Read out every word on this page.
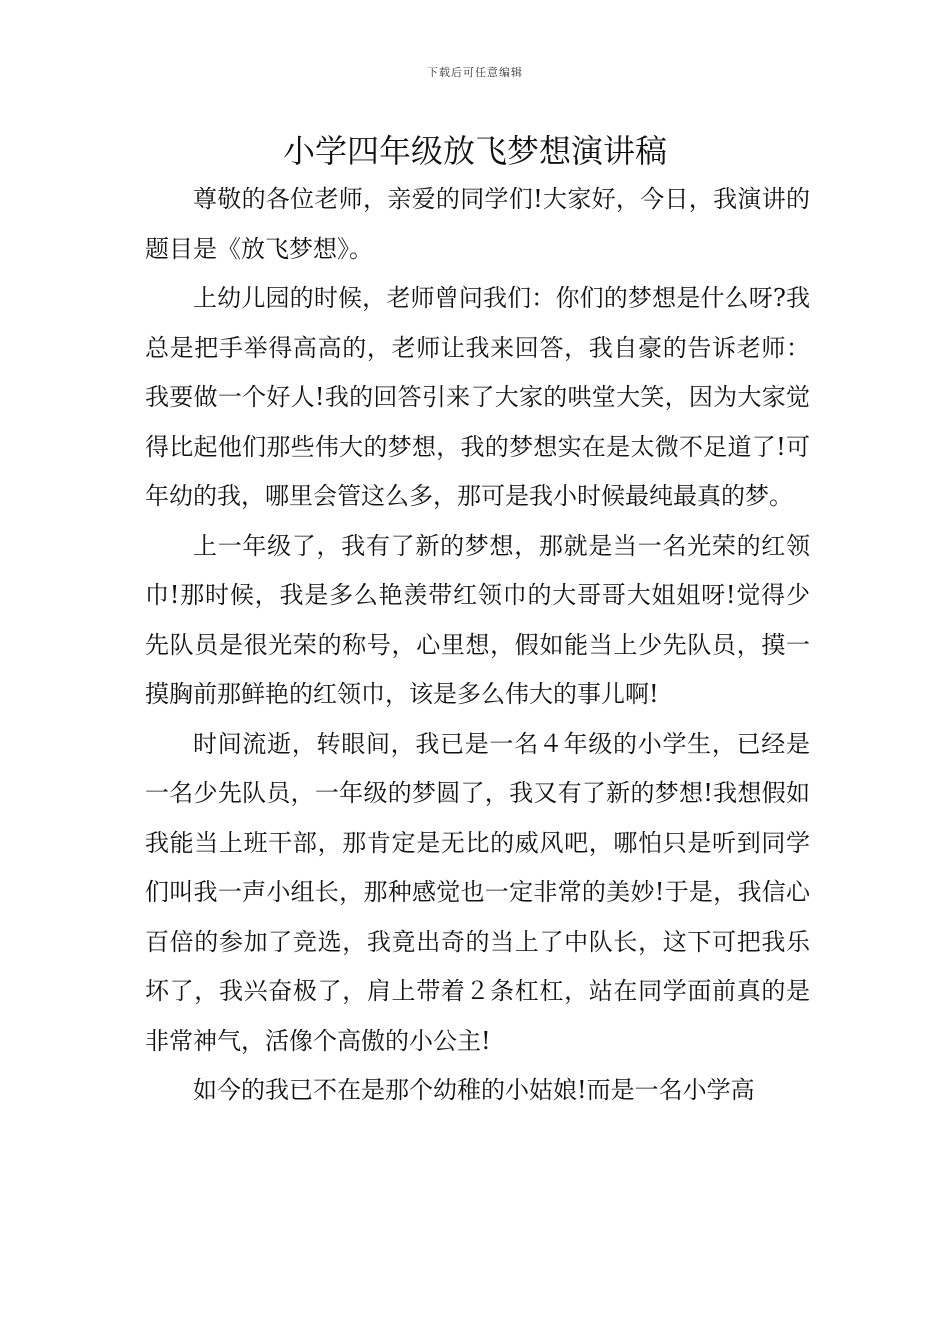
下载后可任意编辑
小学四年级放飞梦想演讲稿

尊敬的各位老师，亲爱的同学们!大家好，今日，我演讲的题目是《放飞梦想》。

上幼儿园的时候，老师曾问我们：你们的梦想是什么呀?我总是把手举得高高的，老师让我来回答，我自豪的告诉老师：我要做一个好人!我的回答引来了大家的哄堂大笑，因为大家觉得比起他们那些伟大的梦想，我的梦想实在是太微不足道了!可年幼的我，哪里会管这么多，那可是我小时候最纯最真的梦。

上一年级了，我有了新的梦想，那就是当一名光荣的红领巾!那时候，我是多么艳羡带红领巾的大哥哥大姐姐呀!觉得少先队员是很光荣的称号，心里想，假如能当上少先队员，摸一摸胸前那鲜艳的红领巾，该是多么伟大的事儿啊!

时间流逝，转眼间，我已是一名４年级的小学生，已经是一名少先队员，一年级的梦圆了，我又有了新的梦想!我想假如我能当上班干部，那肯定是无比的威风吧，哪怕只是听到同学们叫我一声小组长，那种感觉也一定非常的美妙!于是，我信心百倍的参加了竞选，我竟出奇的当上了中队长，这下可把我乐坏了，我兴奋极了，肩上带着２条杠杠，站在同学面前真的是非常神气，活像个高傲的小公主!

如今的我已不在是那个幼稚的小姑娘!而是一名小学高
